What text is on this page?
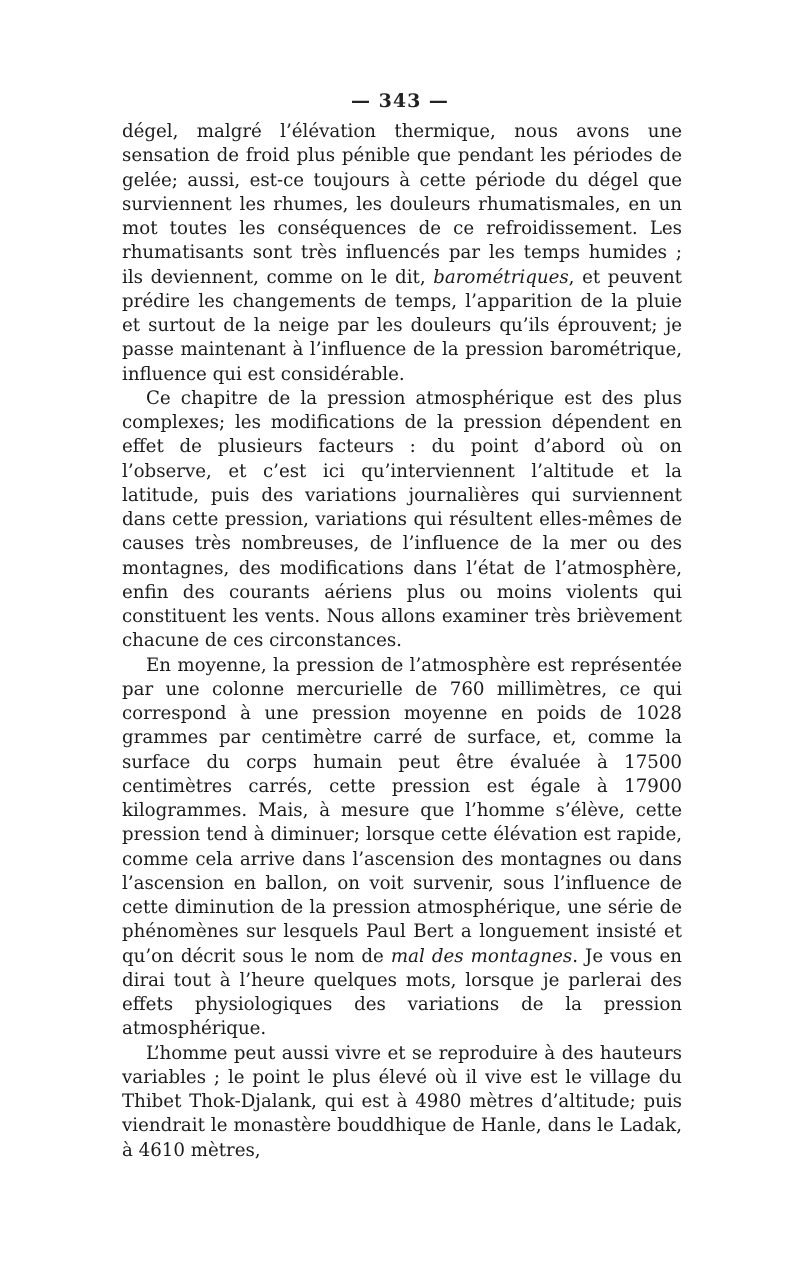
— 343 —

dégel, malgré l’élévation thermique, nous avons une sensation de froid plus pénible que pendant les périodes de gelée; aussi, est-ce toujours à cette période du dégel que surviennent les rhumes, les douleurs rhumatismales, en un mot toutes les conséquences de ce refroidissement. Les rhumatisants sont très influencés par les temps humides ; ils deviennent, comme on le dit, barométriques, et peuvent prédire les changements de temps, l’apparition de la pluie et surtout de la neige par les douleurs qu’ils éprouvent; je passe maintenant à l’influence de la pression barométrique, influence qui est considérable.

Ce chapitre de la pression atmosphérique est des plus complexes; les modifications de la pression dépendent en effet de plusieurs facteurs : du point d’abord où on l’observe, et c’est ici qu’interviennent l’altitude et la latitude, puis des variations journalières qui surviennent dans cette pression, variations qui résultent elles-mêmes de causes très nombreuses, de l’influence de la mer ou des montagnes, des modifications dans l’état de l’atmosphère, enfin des courants aériens plus ou moins violents qui constituent les vents. Nous allons examiner très brièvement chacune de ces circonstances.

En moyenne, la pression de l’atmosphère est représentée par une colonne mercurielle de 760 millimètres, ce qui correspond à une pression moyenne en poids de 1028 grammes par centimètre carré de surface, et, comme la surface du corps humain peut être évaluée à 17500 centimètres carrés, cette pression est égale à 17900 kilogrammes. Mais, à mesure que l’homme s’élève, cette pression tend à diminuer; lorsque cette élévation est rapide, comme cela arrive dans l’ascension des montagnes ou dans l’ascension en ballon, on voit survenir, sous l’influence de cette diminution de la pression atmosphérique, une série de phénomènes sur lesquels Paul Bert a longuement insisté et qu’on décrit sous le nom de mal des montagnes. Je vous en dirai tout à l’heure quelques mots, lorsque je parlerai des effets physiologiques des variations de la pression atmosphérique.

L’homme peut aussi vivre et se reproduire à des hauteurs variables ; le point le plus élevé où il vive est le village du Thibet Thok-Djalank, qui est à 4980 mètres d’altitude; puis viendrait le monastère bouddhique de Hanle, dans le Ladak, à 4610 mètres,
